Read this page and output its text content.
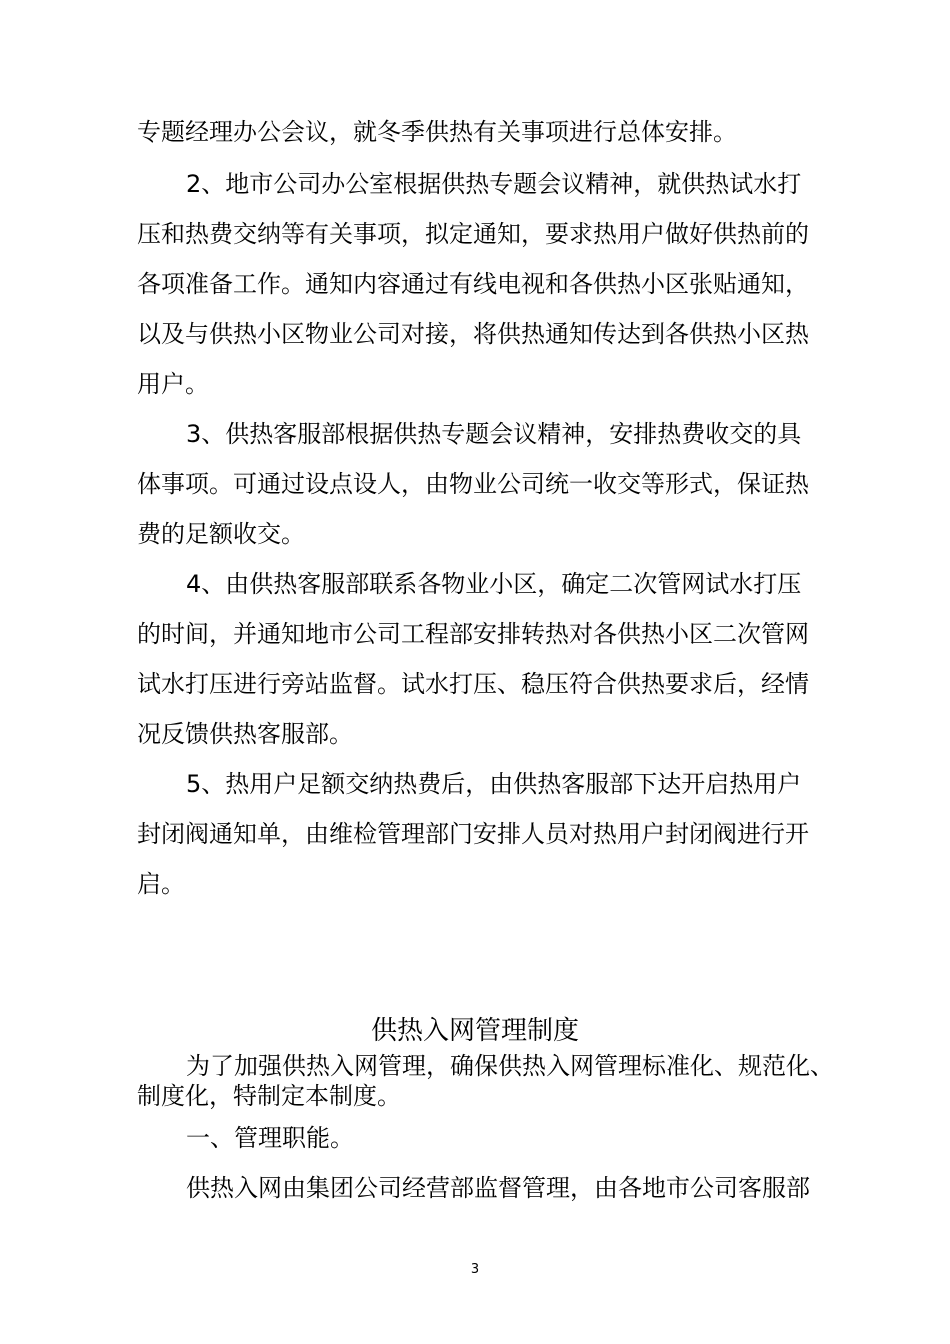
专题经理办公会议，就冬季供热有关事项进行总体安排。

2、地市公司办公室根据供热专题会议精神，就供热试水打

压和热费交纳等有关事项，拟定通知，要求热用户做好供热前的

各项准备工作。通知内容通过有线电视和各供热小区张贴通知，

以及与供热小区物业公司对接，将供热通知传达到各供热小区热

用户。

3、供热客服部根据供热专题会议精神，安排热费收交的具

体事项。可通过设点设人，由物业公司统一收交等形式，保证热

费的足额收交。

4、由供热客服部联系各物业小区，确定二次管网试水打压

的时间，并通知地市公司工程部安排转热对各供热小区二次管网

试水打压进行旁站监督。试水打压、稳压符合供热要求后，经情

况反馈供热客服部。

5、热用户足额交纳热费后，由供热客服部下达开启热用户

封闭阀通知单，由维检管理部门安排人员对热用户封闭阀进行开

启。

供热入网管理制度

为了加强供热入网管理，确保供热入网管理标准化、规范化、

制度化，特制定本制度。

一、管理职能。

供热入网由集团公司经营部监督管理，由各地市公司客服部

3
